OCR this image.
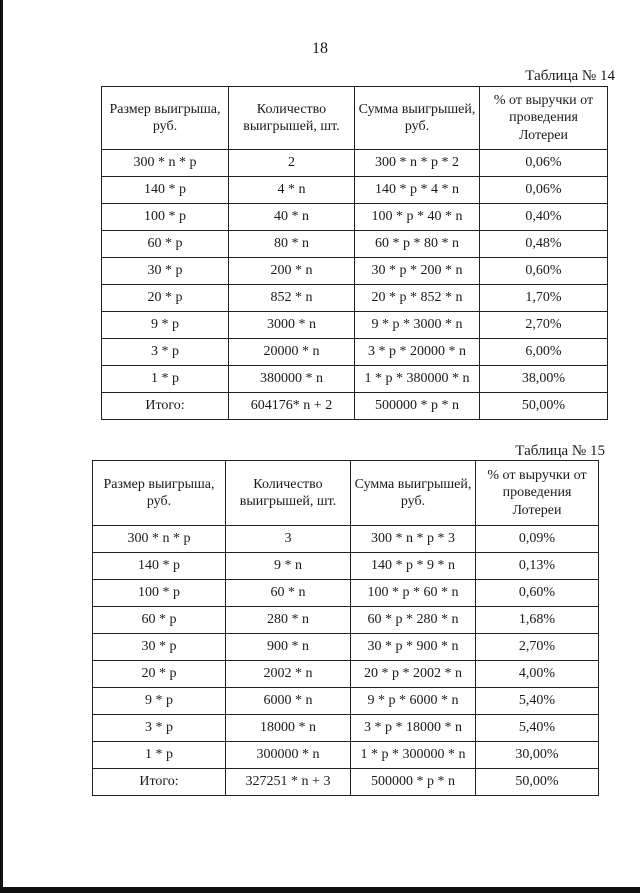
18
Таблица № 14
Размер выигрыша, руб.	Количество выигрышей, шт.	Сумма выигрышей, руб.	% от выручки от проведения Лотереи
300 * n * p	2	300 * n * p * 2	0,06%
140 * p	4 * n	140 * p * 4 * n	0,06%
100 * p	40 * n	100 * p * 40 * n	0,40%
60 * p	80 * n	60 * p * 80 * n	0,48%
30 * p	200 * n	30 * p * 200 * n	0,60%
20 * p	852 * n	20 * p * 852 * n	1,70%
9 * p	3000 * n	9 * p * 3000 * n	2,70%
3 * p	20000 * n	3 * p * 20000 * n	6,00%
1 * p	380000 * n	1 * p * 380000 * n	38,00%
Итого:	604176* n + 2	500000 * p * n	50,00%
Таблица № 15
Размер выигрыша, руб.	Количество выигрышей, шт.	Сумма выигрышей, руб.	% от выручки от проведения Лотереи
300 * n * p	3	300 * n * p * 3	0,09%
140 * p	9 * n	140 * p * 9 * n	0,13%
100 * p	60 * n	100 * p * 60 * n	0,60%
60 * p	280 * n	60 * p * 280 * n	1,68%
30 * p	900 * n	30 * p * 900 * n	2,70%
20 * p	2002 * n	20 * p * 2002 * n	4,00%
9 * p	6000 * n	9 * p * 6000 * n	5,40%
3 * p	18000 * n	3 * p * 18000 * n	5,40%
1 * p	300000 * n	1 * p * 300000 * n	30,00%
Итого:	327251 * n + 3	500000 * p * n	50,00%
